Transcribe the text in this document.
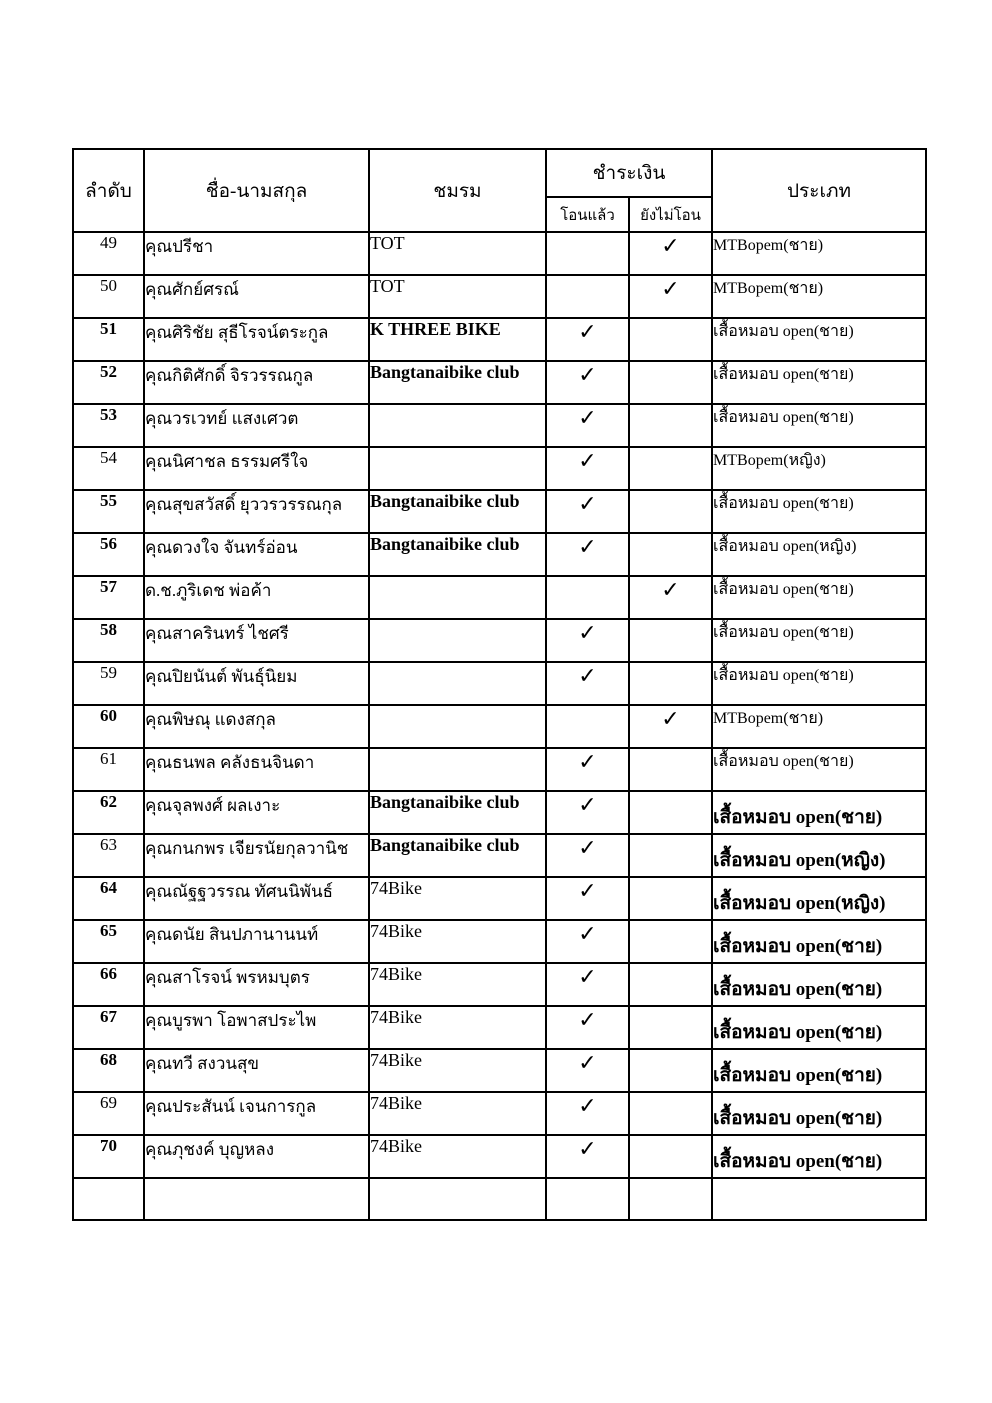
ลำดับ	ชื่อ-นามสกุล	ชมรม	ชำระเงิน		ประเภท
			โอนแล้ว	ยังไม่โอน	
49	คุณปรีชา	TOT		✓	MTBopem(ชาย)
50	คุณศักย์ศรณ์	TOT		✓	MTBopem(ชาย)
51	คุณศิริชัย สุธีโรจน์ตระกูล	K THREE BIKE	✓		เสื้อหมอบ open(ชาย)
52	คุณกิติศักดิ์ จิรวรรณกูล	Bangtanaibike club	✓		เสื้อหมอบ open(ชาย)
53	คุณวรเวทย์ แสงเศวต		✓		เสื้อหมอบ open(ชาย)
54	คุณนิศาชล ธรรมศรีใจ		✓		MTBopem(หญิง)
55	คุณสุขสวัสดิ์ ยุววรวรรณกุล	Bangtanaibike club	✓		เสื้อหมอบ open(ชาย)
56	คุณดวงใจ จันทร์อ่อน	Bangtanaibike club	✓		เสื้อหมอบ open(หญิง)
57	ด.ช.ภูริเดช พ่อค้า			✓	เสื้อหมอบ open(ชาย)
58	คุณสาครินทร์ ไชศรี		✓		เสื้อหมอบ open(ชาย)
59	คุณปิยนันต์ พันธุ์นิยม		✓		เสื้อหมอบ open(ชาย)
60	คุณพิษณุ แดงสกุล			✓	MTBopem(ชาย)
61	คุณธนพล คลังธนจินดา		✓		เสื้อหมอบ open(ชาย)
62	คุณจุลพงศ์ ผลเงาะ	Bangtanaibike club	✓		เสื้อหมอบ open(ชาย)
63	คุณกนกพร เจียรนัยกุลวานิช	Bangtanaibike club	✓		เสื้อหมอบ open(หญิง)
64	คุณณัฐฐวรรณ ทัศนนิพันธ์	74Bike	✓		เสื้อหมอบ open(หญิง)
65	คุณดนัย สินปภานานนท์	74Bike	✓		เสื้อหมอบ open(ชาย)
66	คุณสาโรจน์ พรหมบุตร	74Bike	✓		เสื้อหมอบ open(ชาย)
67	คุณบูรพา โอพาสประไพ	74Bike	✓		เสื้อหมอบ open(ชาย)
68	คุณทวี สงวนสุข	74Bike	✓		เสื้อหมอบ open(ชาย)
69	คุณประสันน์ เจนการกูล	74Bike	✓		เสื้อหมอบ open(ชาย)
70	คุณภุชงค์ บุญหลง	74Bike	✓		เสื้อหมอบ open(ชาย)
